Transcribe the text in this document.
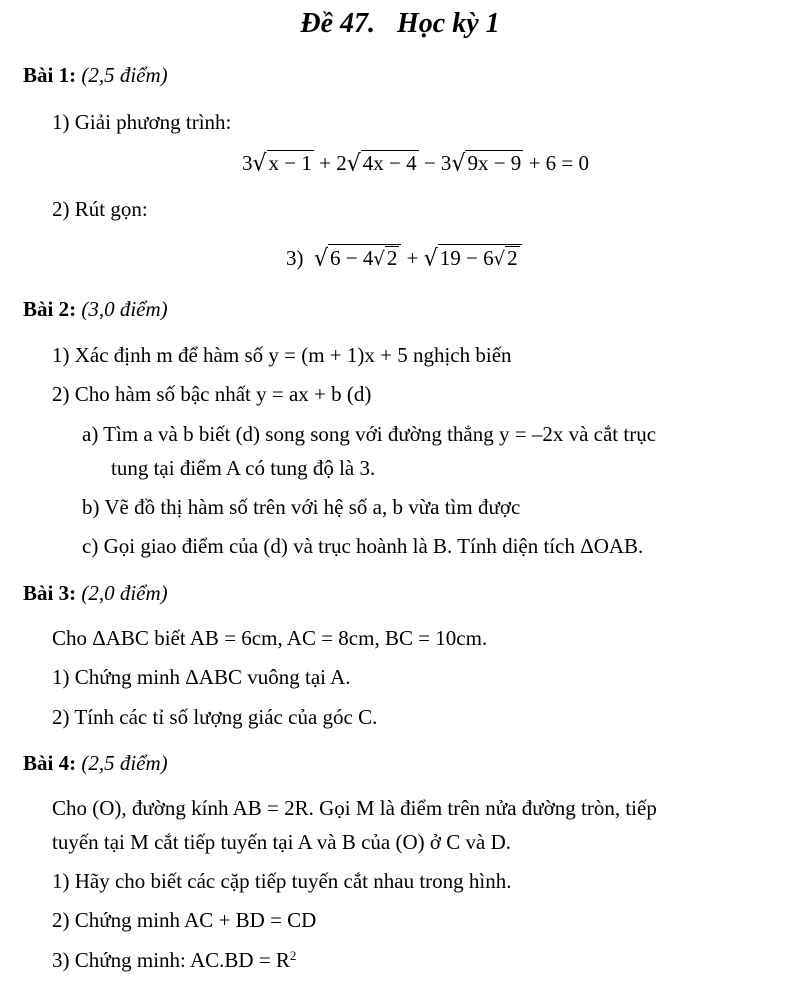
Đề 47. Học kỳ 1
Bài 1: (2,5 điểm)
1) Giải phương trình:
3√x − 1 + 2√4x − 4 − 3√9x − 9 + 6 = 0
2) Rút gọn:
3) √6 − 4√2 + √19 − 6√2
Bài 2: (3,0 điểm)
1) Xác định m để hàm số y = (m + 1)x + 5 nghịch biến
2) Cho hàm số bậc nhất y = ax + b (d)
a) Tìm a và b biết (d) song song với đường thẳng y = –2x và cắt trục
tung tại điểm A có tung độ là 3.
b) Vẽ đồ thị hàm số trên với hệ số a, b vừa tìm được
c) Gọi giao điểm của (d) và trục hoành là B. Tính diện tích ΔOAB.
Bài 3: (2,0 điểm)
Cho ΔABC biết AB = 6cm, AC = 8cm, BC = 10cm.
1) Chứng minh ΔABC vuông tại A.
2) Tính các tỉ số lượng giác của góc C.
Bài 4: (2,5 điểm)
Cho (O), đường kính AB = 2R. Gọi M là điểm trên nửa đường tròn, tiếp
tuyến tại M cắt tiếp tuyến tại A và B của (O) ở C và D.
1) Hãy cho biết các cặp tiếp tuyến cắt nhau trong hình.
2) Chứng minh AC + BD = CD
3) Chứng minh: $AC.BD = R^2$
